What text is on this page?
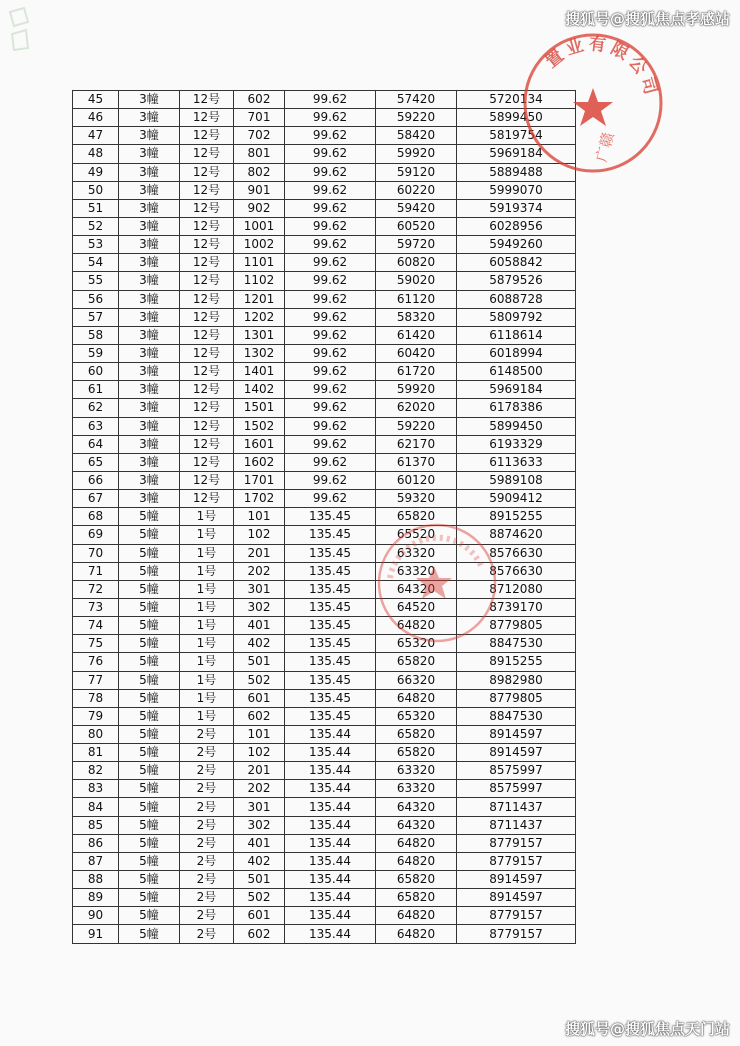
搜狐号@搜狐焦点孝感站
45	3幢	12号	602	99.62	57420	5720134
46	3幢	12号	701	99.62	59220	5899450
47	3幢	12号	702	99.62	58420	5819754
48	3幢	12号	801	99.62	59920	5969184
49	3幢	12号	802	99.62	59120	5889488
50	3幢	12号	901	99.62	60220	5999070
51	3幢	12号	902	99.62	59420	5919374
52	3幢	12号	1001	99.62	60520	6028956
53	3幢	12号	1002	99.62	59720	5949260
54	3幢	12号	1101	99.62	60820	6058842
55	3幢	12号	1102	99.62	59020	5879526
56	3幢	12号	1201	99.62	61120	6088728
57	3幢	12号	1202	99.62	58320	5809792
58	3幢	12号	1301	99.62	61420	6118614
59	3幢	12号	1302	99.62	60420	6018994
60	3幢	12号	1401	99.62	61720	6148500
61	3幢	12号	1402	99.62	59920	5969184
62	3幢	12号	1501	99.62	62020	6178386
63	3幢	12号	1502	99.62	59220	5899450
64	3幢	12号	1601	99.62	62170	6193329
65	3幢	12号	1602	99.62	61370	6113633
66	3幢	12号	1701	99.62	60120	5989108
67	3幢	12号	1702	99.62	59320	5909412
68	5幢	1号	101	135.45	65820	8915255
69	5幢	1号	102	135.45	65520	8874620
70	5幢	1号	201	135.45	63320	8576630
71	5幢	1号	202	135.45	63320	8576630
72	5幢	1号	301	135.45	64320	8712080
73	5幢	1号	302	135.45	64520	8739170
74	5幢	1号	401	135.45	64820	8779805
75	5幢	1号	402	135.45	65320	8847530
76	5幢	1号	501	135.45	65820	8915255
77	5幢	1号	502	135.45	66320	8982980
78	5幢	1号	601	135.45	64820	8779805
79	5幢	1号	602	135.45	65320	8847530
80	5幢	2号	101	135.44	65820	8914597
81	5幢	2号	102	135.44	65820	8914597
82	5幢	2号	201	135.44	63320	8575997
83	5幢	2号	202	135.44	63320	8575997
84	5幢	2号	301	135.44	64320	8711437
85	5幢	2号	302	135.44	64320	8711437
86	5幢	2号	401	135.44	64820	8779157
87	5幢	2号	402	135.44	64820	8779157
88	5幢	2号	501	135.44	65820	8914597
89	5幢	2号	502	135.44	65820	8914597
90	5幢	2号	601	135.44	64820	8779157
91	5幢	2号	602	135.44	64820	8779157
置业有限公司
广赣
搜狐号@搜狐焦点天门站
